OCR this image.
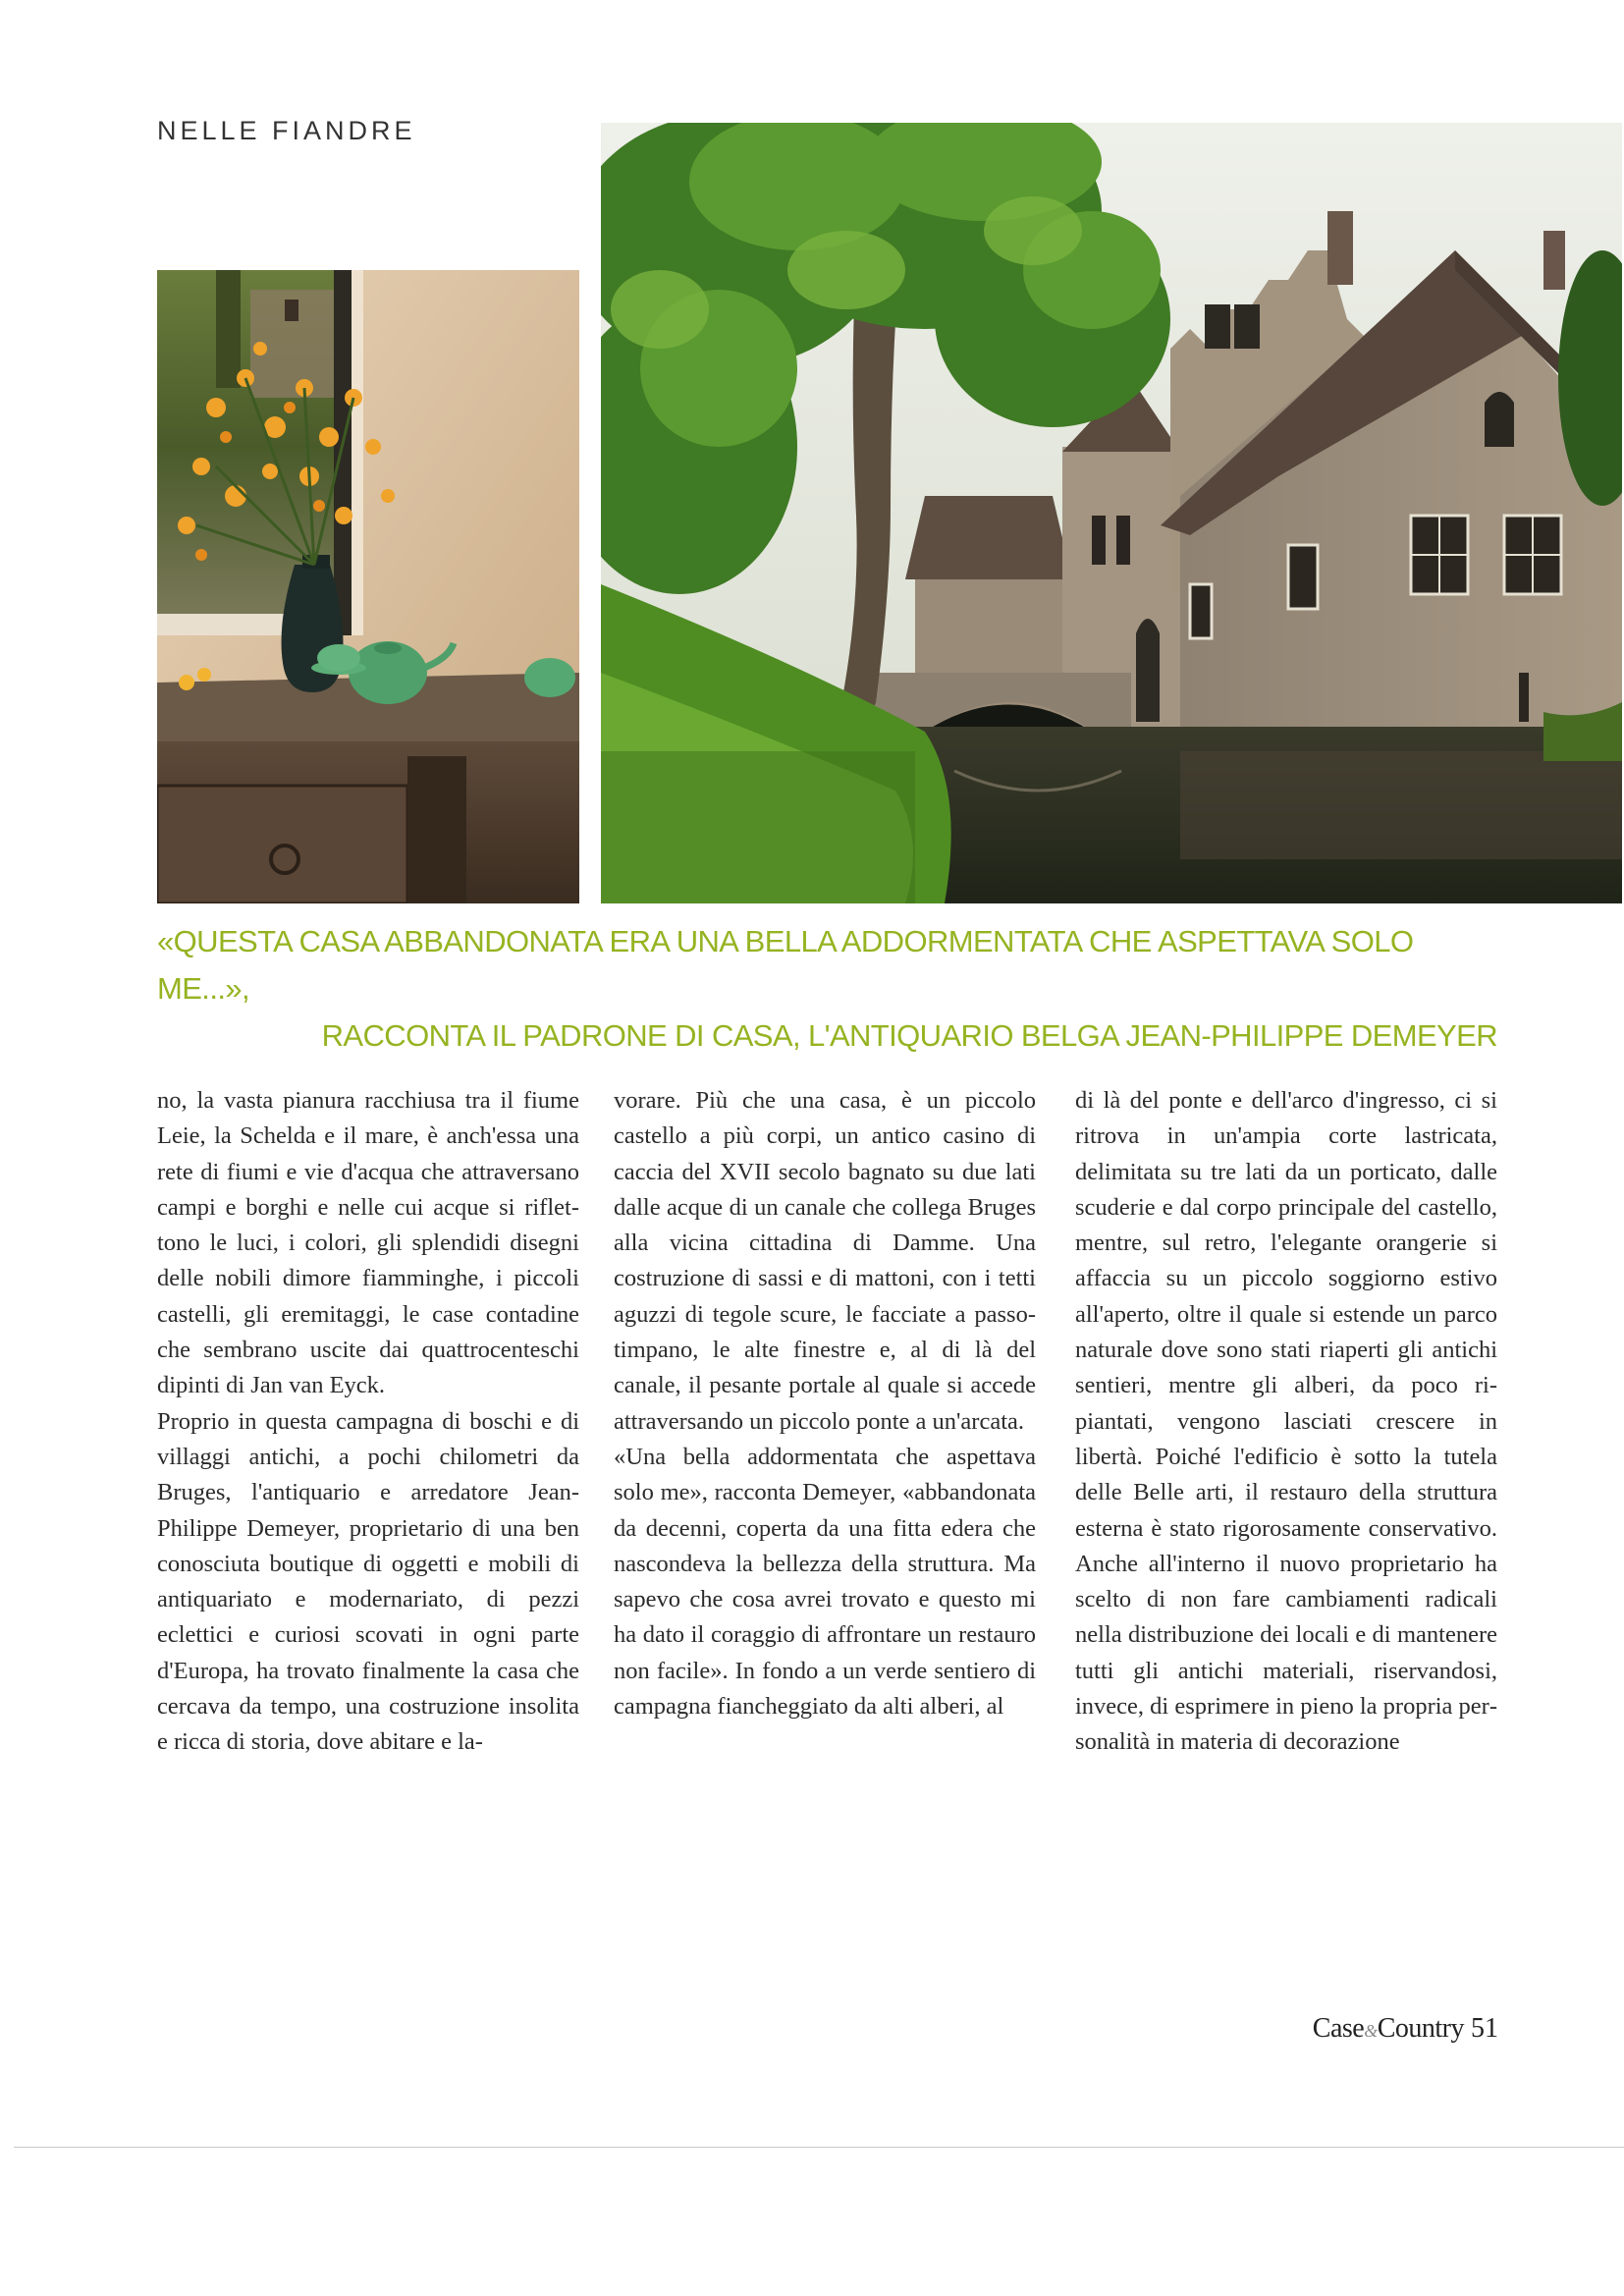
NELLE FIANDRE
«QUESTA CASA ABBANDONATA ERA UNA BELLA ADDORMENTATA CHE ASPETTAVA SOLO ME...»,
RACCONTA IL PADRONE DI CASA, L'ANTIQUARIO BELGA JEAN-PHILIPPE DEMEYER

no, la vasta pianura racchiusa tra il fiume Leie, la Schelda e il mare, è anch'essa una rete di fiumi e vie d'acqua che attraversano campi e borghi e nelle cui acque si riflettono le luci, i colori, gli splendidi disegni delle nobili dimore fiamminghe, i piccoli castelli, gli eremitaggi, le case contadine che sembrano uscite dai quattrocenteschi dipinti di Jan van Eyck.

Proprio in questa campagna di boschi e di villaggi antichi, a pochi chilometri da Bruges, l'antiquario e arredatore Jean-Philippe Demeyer, proprietario di una ben conosciuta boutique di oggetti e mobili di antiquariato e modernariato, di pezzi eclettici e curiosi scovati in ogni parte d'Europa, ha trovato finalmente la casa che cercava da tempo, una costruzione insolita e ricca di storia, dove abitare e la-

vorare. Più che una casa, è un piccolo castello a più corpi, un antico casino di caccia del XVII secolo bagnato su due lati dalle acque di un canale che collega Bruges alla vicina cittadina di Damme. Una costruzione di sassi e di mattoni, con i tetti aguzzi di tegole scure, le facciate a passo-timpano, le alte finestre e, al di là del canale, il pesante portale al quale si accede attraversando un piccolo ponte a un'arcata.

«Una bella addormentata che aspettava solo me», racconta Demeyer, «abbandonata da decenni, coperta da una fitta edera che nascondeva la bellezza della struttura. Ma sapevo che cosa avrei trovato e questo mi ha dato il coraggio di affrontare un restauro non facile». In fondo a un verde sentiero di campagna fiancheggiato da alti alberi, al

di là del ponte e dell'arco d'ingresso, ci si ritrova in un'ampia corte lastricata, delimitata su tre lati da un porticato, dalle scuderie e dal corpo principale del castello, mentre, sul retro, l'elegante orangerie si affaccia su un piccolo soggiorno estivo all'aperto, oltre il quale si estende un parco naturale dove sono stati riaperti gli antichi sentieri, mentre gli alberi, da poco ripiantati, vengono lasciati crescere in libertà. Poiché l'edificio è sotto la tutela delle Belle arti, il restauro della struttura esterna è stato rigorosamente conservativo. Anche all'interno il nuovo proprietario ha scelto di non fare cambiamenti radicali nella distribuzione dei locali e di mantenere tutti gli antichi materiali, riservandosi, invece, di esprimere in pieno la propria personalità in materia di decorazione

Case&Country 51
